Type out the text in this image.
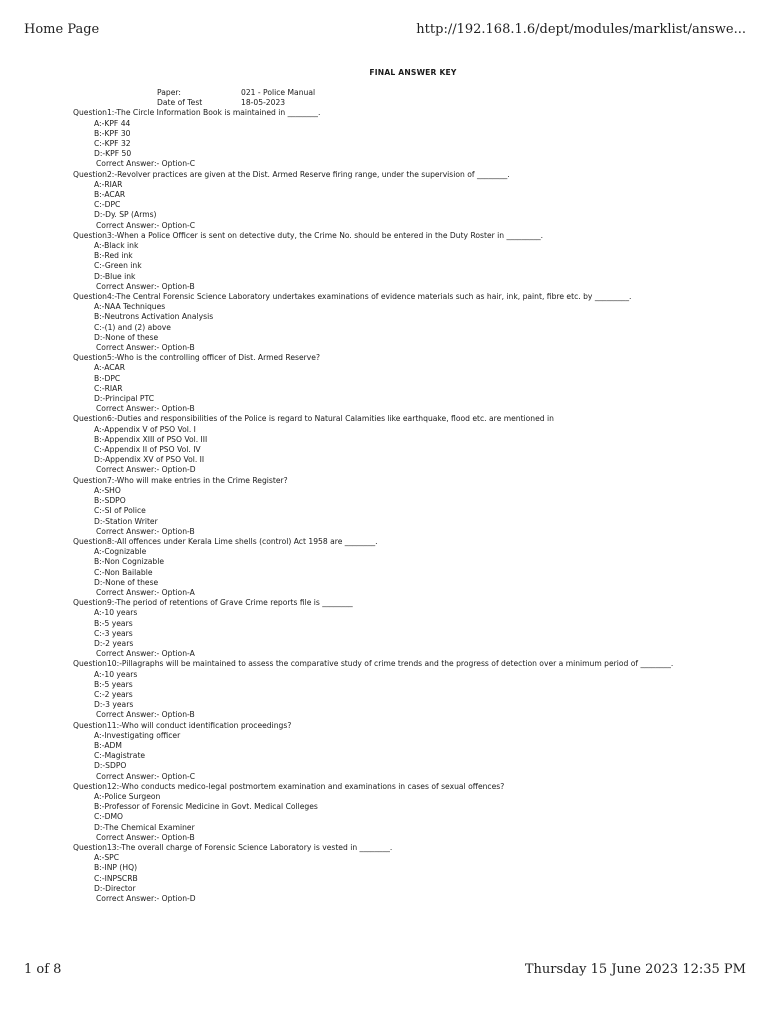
Home Page	http://192.168.1.6/dept/modules/marklist/answe...
FINAL ANSWER KEY
Paper:	021 - Police Manual
Date of Test	18-05-2023
Question1:-The Circle Information Book is maintained in ________.
A:-KPF 44
B:-KPF 30
C:-KPF 32
D:-KPF 50
Correct Answer:- Option-C
Question2:-Revolver practices are given at the Dist. Armed Reserve firing range, under the supervision of ________.
A:-RIAR
B:-ACAR
C:-DPC
D:-Dy. SP (Arms)
Correct Answer:- Option-C
Question3:-When a Police Officer is sent on detective duty, the Crime No. should be entered in the Duty Roster in _________.
A:-Black ink
B:-Red ink
C:-Green ink
D:-Blue ink
Correct Answer:- Option-B
Question4:-The Central Forensic Science Laboratory undertakes examinations of evidence materials such as hair, ink, paint, fibre etc. by _________.
A:-NAA Techniques
B:-Neutrons Activation Analysis
C:-(1) and (2) above
D:-None of these
Correct Answer:- Option-B
Question5:-Who is the controlling officer of Dist. Armed Reserve?
A:-ACAR
B:-DPC
C:-RIAR
D:-Principal PTC
Correct Answer:- Option-B
Question6:-Duties and responsibilities of the Police is regard to Natural Calamities like earthquake, flood etc. are mentioned in
A:-Appendix V of PSO Vol. I
B:-Appendix XIII of PSO Vol. III
C:-Appendix II of PSO Vol. IV
D:-Appendix XV of PSO Vol. II
Correct Answer:- Option-D
Question7:-Who will make entries in the Crime Register?
A:-SHO
B:-SDPO
C:-SI of Police
D:-Station Writer
Correct Answer:- Option-B
Question8:-All offences under Kerala Lime shells (control) Act 1958 are ________.
A:-Cognizable
B:-Non Cognizable
C:-Non Bailable
D:-None of these
Correct Answer:- Option-A
Question9:-The period of retentions of Grave Crime reports file is ________
A:-10 years
B:-5 years
C:-3 years
D:-2 years
Correct Answer:- Option-A
Question10:-Pillagraphs will be maintained to assess the comparative study of crime trends and the progress of detection over a minimum period of ________.
A:-10 years
B:-5 years
C:-2 years
D:-3 years
Correct Answer:- Option-B
Question11:-Who will conduct identification proceedings?
A:-Investigating officer
B:-ADM
C:-Magistrate
D:-SDPO
Correct Answer:- Option-C
Question12:-Who conducts medico-legal postmortem examination and examinations in cases of sexual offences?
A:-Police Surgeon
B:-Professor of Forensic Medicine in Govt. Medical Colleges
C:-DMO
D:-The Chemical Examiner
Correct Answer:- Option-B
Question13:-The overall charge of Forensic Science Laboratory is vested in ________.
A:-SPC
B:-INP (HQ)
C:-INPSCRB
D:-Director
Correct Answer:- Option-D
1 of 8	Thursday 15 June 2023 12:35 PM
